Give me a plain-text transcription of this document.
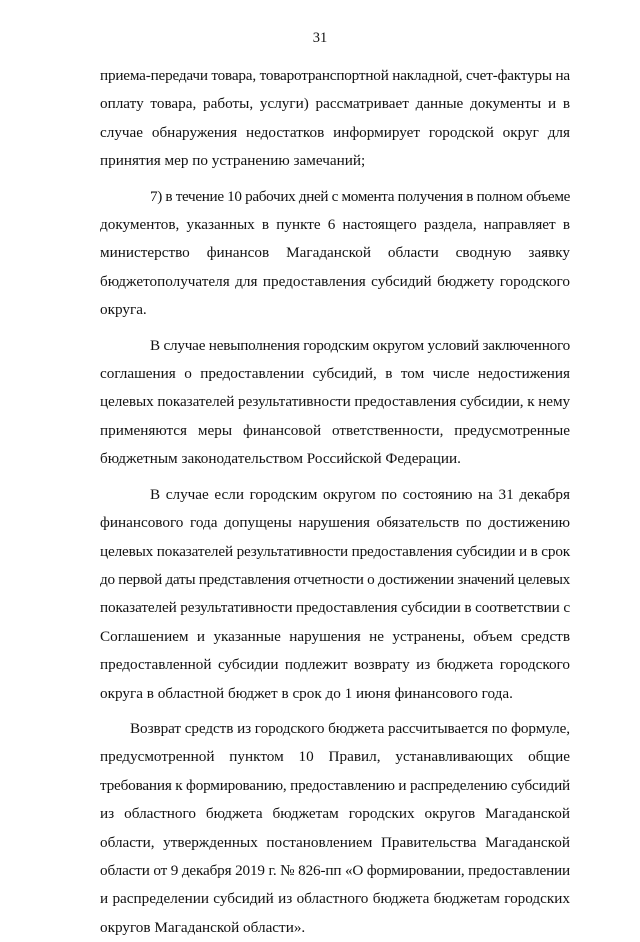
31
приема-передачи товара, товаротранспортной накладной, счет-фактуры на
оплату товара, работы, услуги) рассматривает данные документы и в
случае обнаружения недостатков информирует городской округ для
принятия мер по устранению замечаний;
7) в течение 10 рабочих дней с момента получения в полном объеме
документов, указанных в пункте 6 настоящего раздела, направляет в
министерство финансов Магаданской области сводную заявку
бюджетополучателя для предоставления субсидий бюджету городского
округа.
В случае невыполнения городским округом условий заключенного
соглашения о предоставлении субсидий, в том числе недостижения
целевых показателей результативности предоставления субсидии, к нему
применяются меры финансовой ответственности, предусмотренные
бюджетным законодательством Российской Федерации.
В случае если городским округом по состоянию на 31 декабря
финансового года допущены нарушения обязательств по достижению
целевых показателей результативности предоставления субсидии и в срок
до первой даты представления отчетности о достижении значений целевых
показателей результативности предоставления субсидии в соответствии с
Соглашением и указанные нарушения не устранены, объем средств
предоставленной субсидии подлежит возврату из бюджета городского
округа в областной бюджет в срок до 1 июня финансового года.
Возврат средств из городского бюджета рассчитывается по формуле,
предусмотренной пунктом 10 Правил, устанавливающих общие
требования к формированию, предоставлению и распределению субсидий
из областного бюджета бюджетам городских округов Магаданской
области, утвержденных постановлением Правительства Магаданской
области от 9 декабря 2019 г. № 826-пп «О формировании, предоставлении
и распределении субсидий из областного бюджета бюджетам городских
округов Магаданской области».
